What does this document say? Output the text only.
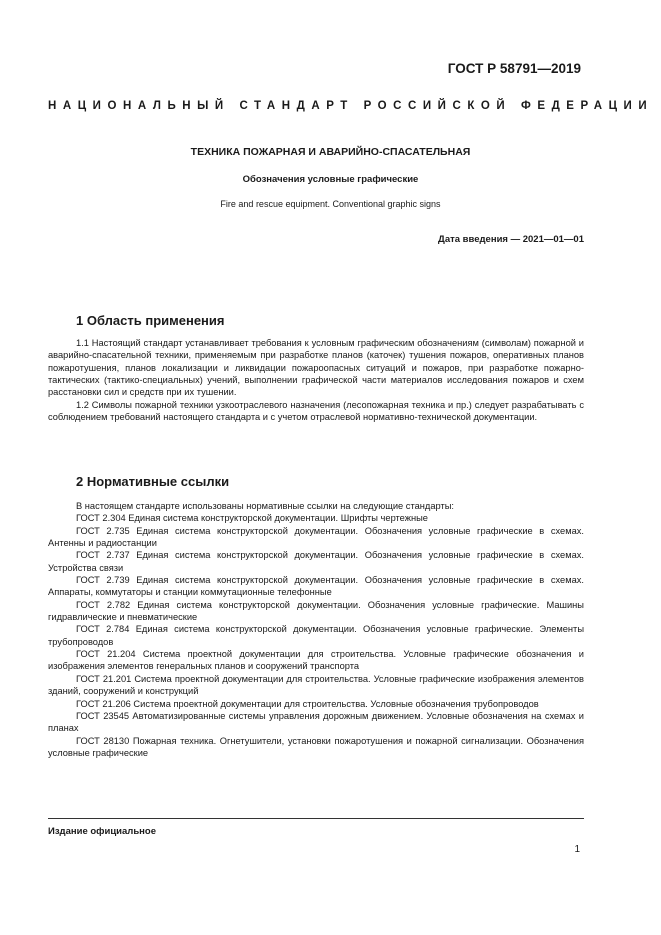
ГОСТ Р 58791—2019
НАЦИОНАЛЬНЫЙ СТАНДАРТ РОССИЙСКОЙ ФЕДЕРАЦИИ
ТЕХНИКА ПОЖАРНАЯ И АВАРИЙНО-СПАСАТЕЛЬНАЯ
Обозначения условные графические
Fire and rescue equipment. Conventional graphic signs
Дата введения — 2021—01—01
1 Область применения

1.1 Настоящий стандарт устанавливает требования к условным графическим обозначениям (символам) пожарной и аварийно-спасательной техники, применяемым при разработке планов (каточек) тушения пожаров, оперативных планов пожаротушения, планов локализации и ликвидации пожароопасных ситуаций и пожаров, при разработке пожарно-тактических (тактико-специальных) учений, выполнении графической части материалов исследования пожаров и схем расстановки сил и средств при их тушении.

1.2 Символы пожарной техники узкоотраслевого назначения (лесопожарная техника и пр.) следует разрабатывать с соблюдением требований настоящего стандарта и с учетом отраслевой нормативно-технической документации.

2 Нормативные ссылки

В настоящем стандарте использованы нормативные ссылки на следующие стандарты:

ГОСТ 2.304 Единая система конструкторской документации. Шрифты чертежные

ГОСТ 2.735 Единая система конструкторской документации. Обозначения условные графические в схемах. Антенны и радиостанции

ГОСТ 2.737 Единая система конструкторской документации. Обозначения условные графические в схемах. Устройства связи

ГОСТ 2.739 Единая система конструкторской документации. Обозначения условные графические в схемах. Аппараты, коммутаторы и станции коммутационные телефонные

ГОСТ 2.782 Единая система конструкторской документации. Обозначения условные графические. Машины гидравлические и пневматические

ГОСТ 2.784 Единая система конструкторской документации. Обозначения условные графические. Элементы трубопроводов

ГОСТ 21.204 Система проектной документации для строительства. Условные графические обозначения и изображения элементов генеральных планов и сооружений транспорта

ГОСТ 21.201 Система проектной документации для строительства. Условные графические изображения элементов зданий, сооружений и конструкций

ГОСТ 21.206 Система проектной документации для строительства. Условные обозначения трубопроводов

ГОСТ 23545 Автоматизированные системы управления дорожным движением. Условные обозначения на схемах и планах

ГОСТ 28130 Пожарная техника. Огнетушители, установки пожаротушения и пожарной сигнализации. Обозначения условные графические

Издание официальное
1
